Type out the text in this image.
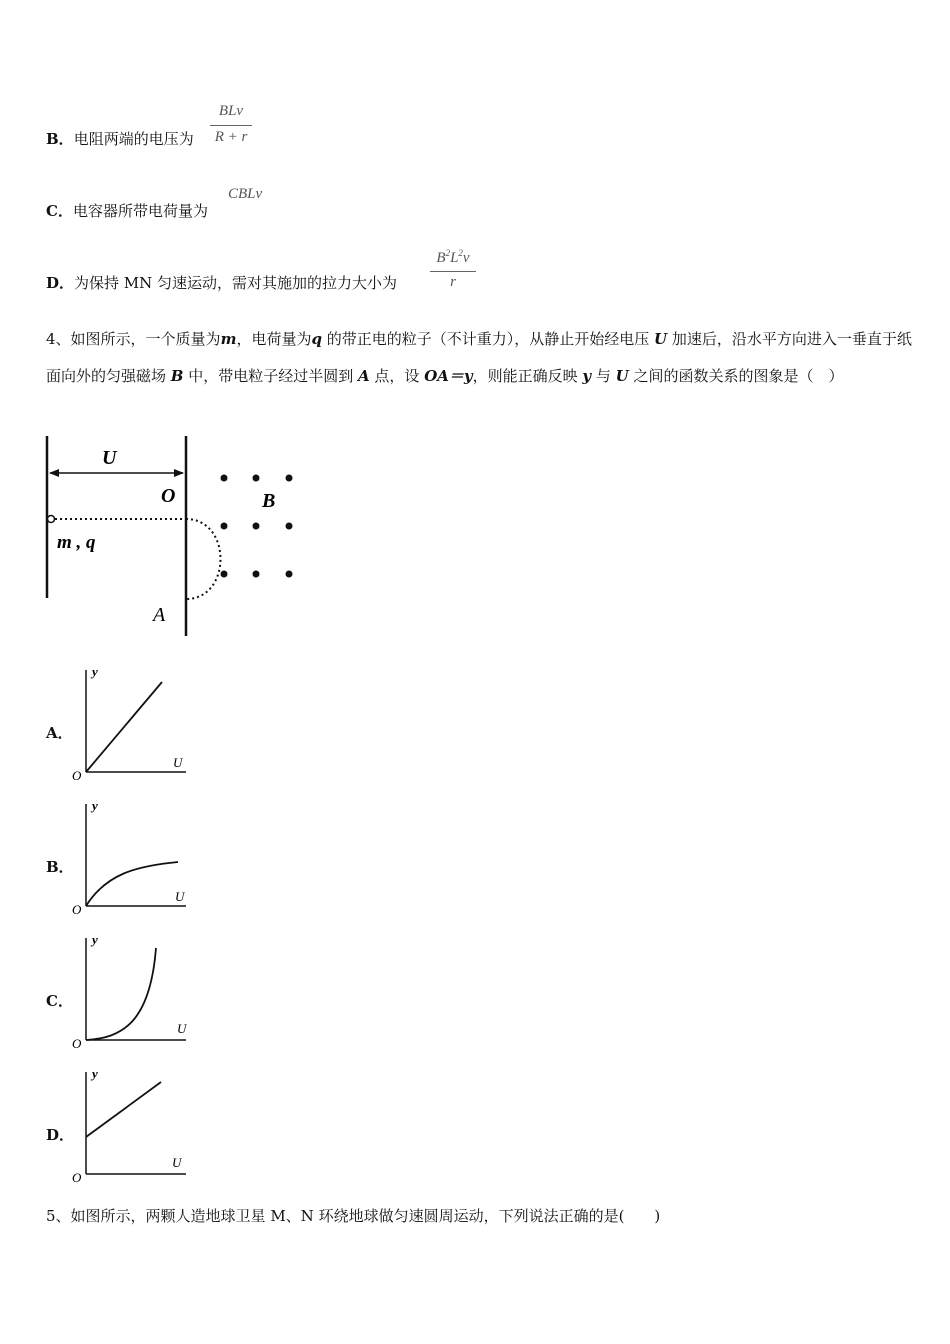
B．电阻两端的电压为
BLv
R + r
C．电容器所带电荷量为
CBLv
D．为保持 MN 匀速运动，需对其施加的拉力大小为
$B^2L^2v$
r
4、如图所示，一个质量为m，电荷量为q 的带正电的粒子（不计重力），从静止开始经电压 U 加速后，沿水平方向进入一垂直于纸面向外的匀强磁场 B 中，带电粒子经过半圆到 A 点，设 OA＝y，则能正确反映 y 与 U 之间的函数关系的图象是（　）
U
O	B
m , q
A
A．
y
U
O
B．
y
U
O
C．
y
U
O
D．
y
U
O
5、如图所示，两颗人造地球卫星 M、N 环绕地球做匀速圆周运动，下列说法正确的是(　　)
